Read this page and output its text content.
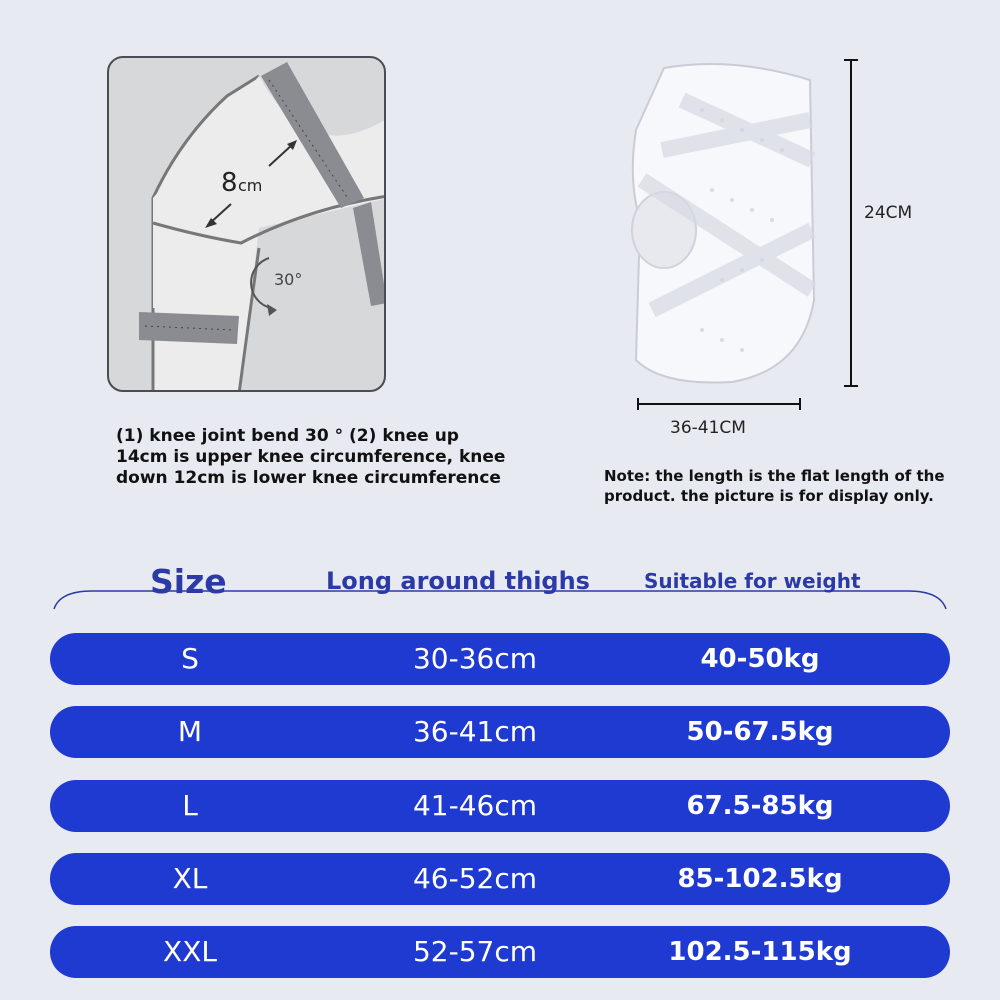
8 cm
30°
(1) knee joint bend 30 ° (2) knee up 14cm is upper knee circumference, knee down 12cm is lower knee circumference
24CM
36-41CM
Note: the length is the flat length of the product. the picture is for display only.
Size	Long around thighs	Suitable for weight
S	30-36cm	40-50kg
M	36-41cm	50-67.5kg
L	41-46cm	67.5-85kg
XL	46-52cm	85-102.5kg
XXL	52-57cm	102.5-115kg
